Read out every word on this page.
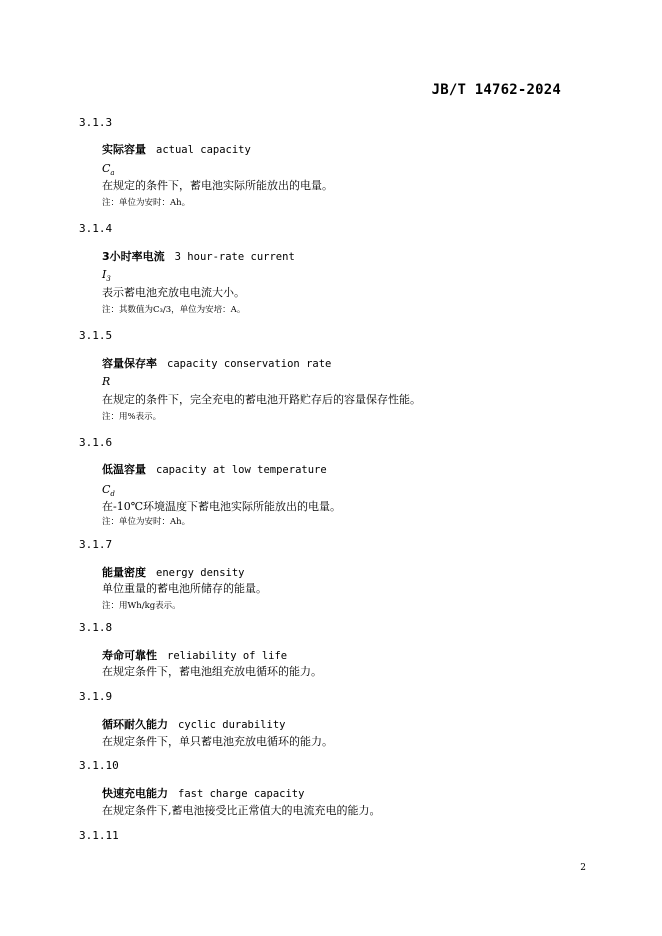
JB/T 14762-2024
3.1.3
实际容量 actual capacity
$C_a$
在规定的条件下，蓄电池实际所能放出的电量。
注：单位为安时：Ah。
3.1.4
3小时率电流 3 hour-rate current
$I_3$
表示蓄电池充放电电流大小。
注：其数值为C₃/3，单位为安培：A。
3.1.5
容量保存率 capacity conservation rate
R
在规定的条件下，完全充电的蓄电池开路贮存后的容量保存性能。
注：用%表示。
3.1.6
低温容量 capacity at low temperature
$C_d$
在-10℃环境温度下蓄电池实际所能放出的电量。
注：单位为安时：Ah。
3.1.7
能量密度 energy density
单位重量的蓄电池所储存的能量。
注：用Wh/kg表示。
3.1.8
寿命可靠性 reliability of life
在规定条件下，蓄电池组充放电循环的能力。
3.1.9
循环耐久能力 cyclic durability
在规定条件下，单只蓄电池充放电循环的能力。
3.1.10
快速充电能力 fast charge capacity
在规定条件下,蓄电池接受比正常值大的电流充电的能力。
3.1.11
2
